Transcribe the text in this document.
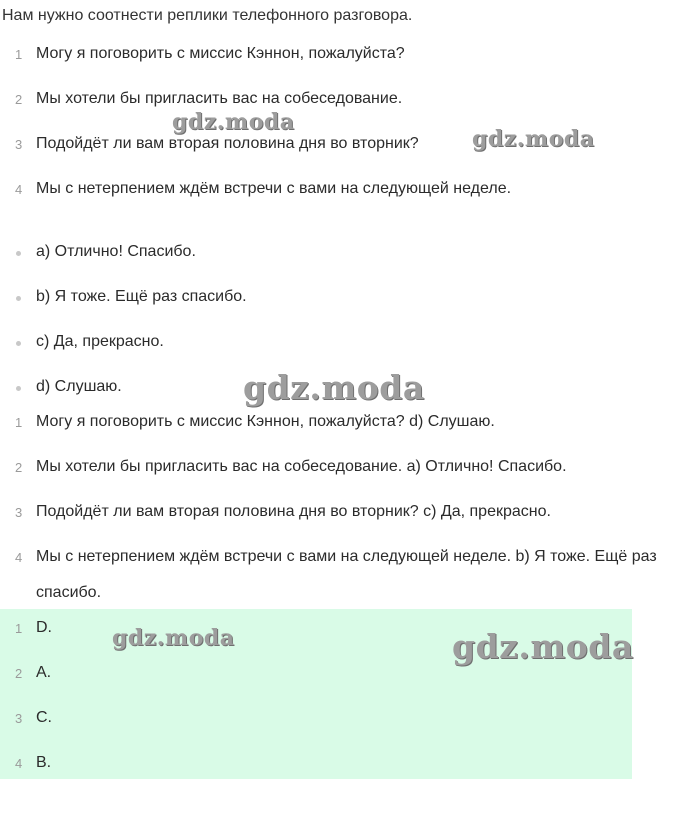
Нам нужно соотнести реплики телефонного разговора.
1 Могу я поговорить с миссис Кэннон, пожалуйста?
2 Мы хотели бы пригласить вас на собеседование.
3 Подойдёт ли вам вторая половина дня во вторник?
4 Мы с нетерпением ждём встречи с вами на следующей неделе.
a) Отлично! Спасибо.
b) Я тоже. Ещё раз спасибо.
c) Да, прекрасно.
d) Слушаю.
1 Могу я поговорить с миссис Кэннон, пожалуйста? d) Слушаю.
2 Мы хотели бы пригласить вас на собеседование. a) Отлично! Спасибо.
3 Подойдёт ли вам вторая половина дня во вторник? c) Да, прекрасно.
4 Мы с нетерпением ждём встречи с вами на следующей неделе. b) Я тоже. Ещё раз спасибо.
1 D.
2 A.
3 C.
4 B.
gdz.moda
gdz.moda
gdz.moda
gdz.moda	gdz.moda
